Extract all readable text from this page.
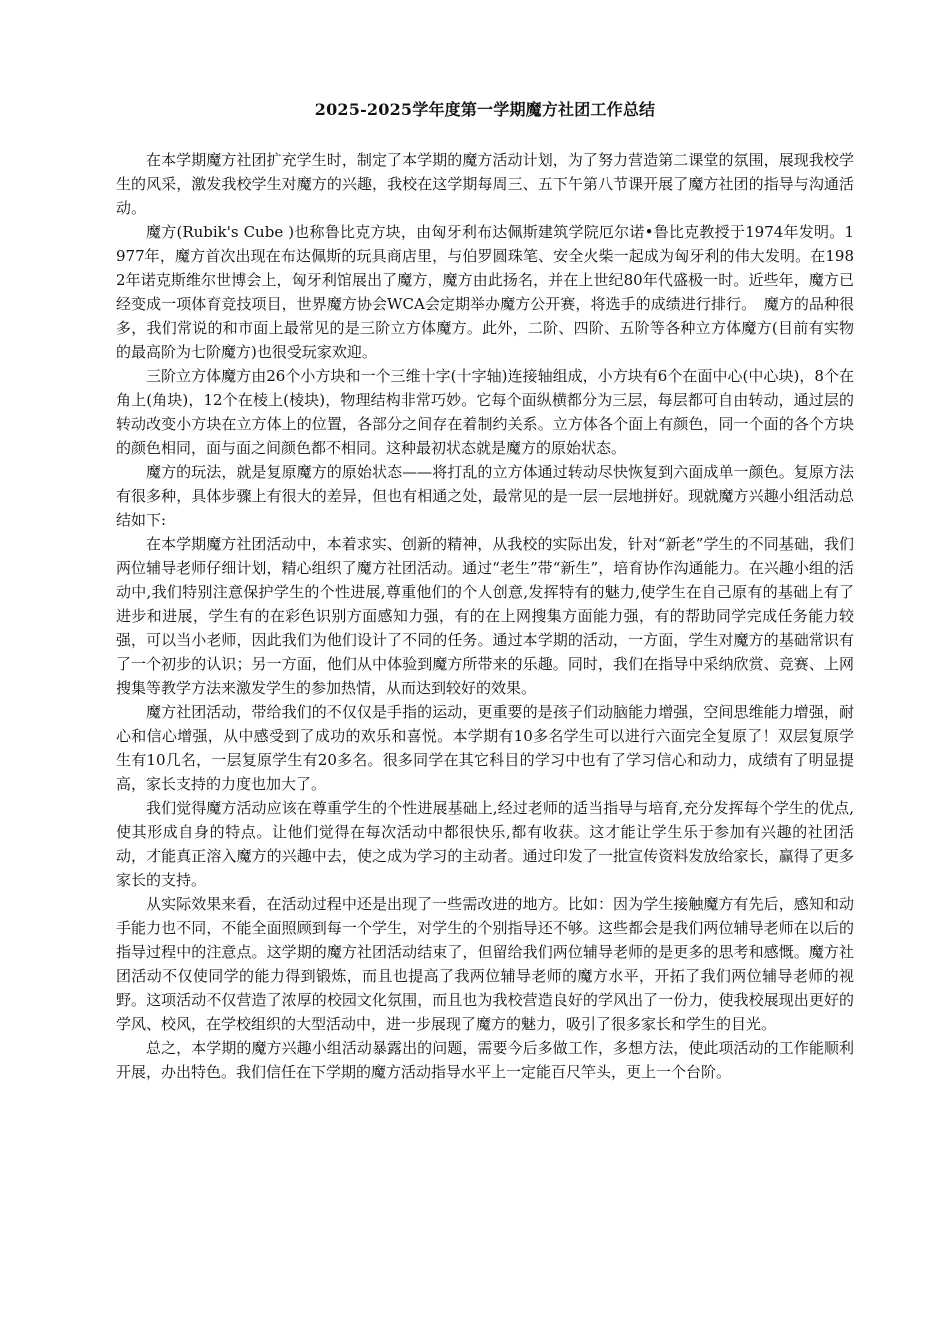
2025-2025学年度第一学期魔方社团工作总结

在本学期魔方社团扩充学生时，制定了本学期的魔方活动计划，为了努力营造第二课堂的氛围，展现我校学生的风采，激发我校学生对魔方的兴趣，我校在这学期每周三、五下午第八节课开展了魔方社团的指导与沟通活动。

魔方(Rubik's Cube )也称鲁比克方块，由匈牙利布达佩斯建筑学院厄尔诺•鲁比克教授于1974年发明。1977年，魔方首次出现在布达佩斯的玩具商店里，与伯罗圆珠笔、安全火柴一起成为匈牙利的伟大发明。在1982年诺克斯维尔世博会上，匈牙利馆展出了魔方，魔方由此扬名，并在上世纪80年代盛极一时。近些年，魔方已经变成一项体育竞技项目，世界魔方协会WCA会定期举办魔方公开赛，将选手的成绩进行排行。　魔方的品种很多，我们常说的和市面上最常见的是三阶立方体魔方。此外，二阶、四阶、五阶等各种立方体魔方(目前有实物的最高阶为七阶魔方)也很受玩家欢迎。

三阶立方体魔方由26个小方块和一个三维十字(十字轴)连接轴组成，小方块有6个在面中心(中心块)，8个在角上(角块)，12个在棱上(棱块)，物理结构非常巧妙。它每个面纵横都分为三层，每层都可自由转动，通过层的转动改变小方块在立方体上的位置，各部分之间存在着制约关系。立方体各个面上有颜色，同一个面的各个方块的颜色相同，面与面之间颜色都不相同。这种最初状态就是魔方的原始状态。

魔方的玩法，就是复原魔方的原始状态——将打乱的立方体通过转动尽快恢复到六面成单一颜色。复原方法有很多种，具体步骤上有很大的差异，但也有相通之处，最常见的是一层一层地拼好。现就魔方兴趣小组活动总结如下:

在本学期魔方社团活动中，本着求实、创新的精神，从我校的实际出发，针对“新老”学生的不同基础，我们两位辅导老师仔细计划，精心组织了魔方社团活动。通过“老生”带“新生”，培育协作沟通能力。在兴趣小组的活动中,我们特别注意保护学生的个性进展,尊重他们的个人创意,发挥特有的魅力,使学生在自己原有的基础上有了进步和进展，学生有的在彩色识别方面感知力强，有的在上网搜集方面能力强，有的帮助同学完成任务能力较强，可以当小老师，因此我们为他们设计了不同的任务。通过本学期的活动，一方面，学生对魔方的基础常识有了一个初步的认识；另一方面，他们从中体验到魔方所带来的乐趣。同时，我们在指导中采纳欣赏、竞赛、上网搜集等教学方法来激发学生的参加热情，从而达到较好的效果。

魔方社团活动，带给我们的不仅仅是手指的运动，更重要的是孩子们动脑能力增强，空间思维能力增强，耐心和信心增强，从中感受到了成功的欢乐和喜悦。本学期有10多名学生可以进行六面完全复原了！双层复原学生有10几名，一层复原学生有20多名。很多同学在其它科目的学习中也有了学习信心和动力，成绩有了明显提高，家长支持的力度也加大了。

我们觉得魔方活动应该在尊重学生的个性进展基础上,经过老师的适当指导与培育,充分发挥每个学生的优点,使其形成自身的特点。让他们觉得在每次活动中都很快乐,都有收获。这才能让学生乐于参加有兴趣的社团活动，才能真正溶入魔方的兴趣中去，使之成为学习的主动者。通过印发了一批宣传资料发放给家长，赢得了更多家长的支持。

从实际效果来看，在活动过程中还是出现了一些需改进的地方。比如：因为学生接触魔方有先后，感知和动手能力也不同，不能全面照顾到每一个学生，对学生的个别指导还不够。这些都会是我们两位辅导老师在以后的指导过程中的注意点。这学期的魔方社团活动结束了，但留给我们两位辅导老师的是更多的思考和感慨。魔方社团活动不仅使同学的能力得到锻炼，而且也提高了我两位辅导老师的魔方水平，开拓了我们两位辅导老师的视野。这项活动不仅营造了浓厚的校园文化氛围，而且也为我校营造良好的学风出了一份力，使我校展现出更好的学风、校风，在学校组织的大型活动中，进一步展现了魔方的魅力，吸引了很多家长和学生的目光。

总之，本学期的魔方兴趣小组活动暴露出的问题，需要今后多做工作，多想方法，使此项活动的工作能顺利开展，办出特色。我们信任在下学期的魔方活动指导水平上一定能百尺竿头，更上一个台阶。
